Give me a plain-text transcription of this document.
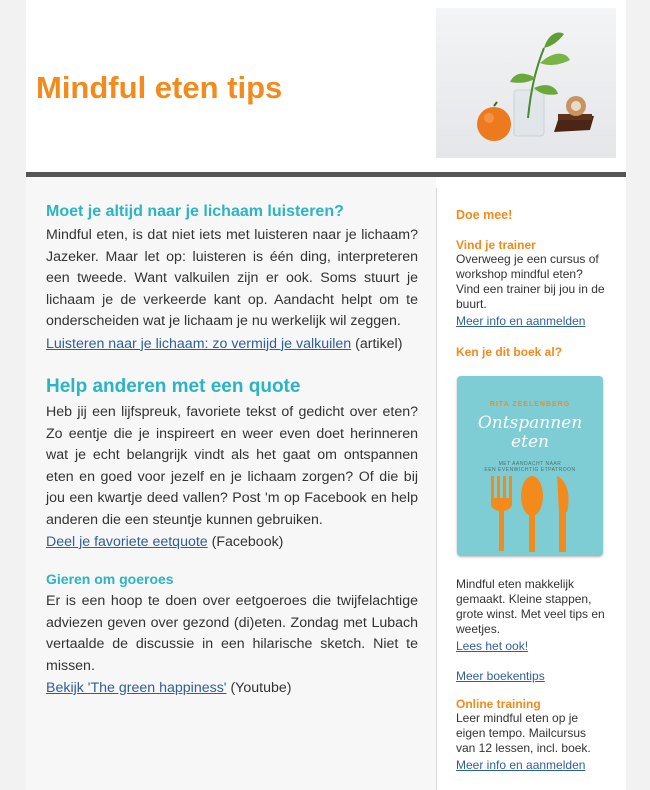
Mindful eten tips
Moet je altijd naar je lichaam luisteren?

Mindful eten, is dat niet iets met luisteren naar je lichaam? Jazeker. Maar let op: luisteren is één ding, interpreteren een tweede. Want valkuilen zijn er ook. Soms stuurt je lichaam je de verkeerde kant op. Aandacht helpt om te onderscheiden wat je lichaam je nu werkelijk wil zeggen.

Luisteren naar je lichaam: zo vermijd je valkuilen (artikel)

Help anderen met een quote

Heb jij een lijfspreuk, favoriete tekst of gedicht over eten? Zo eentje die je inspireert en weer even doet herinneren wat je echt belangrijk vindt als het gaat om ontspannen eten en goed voor jezelf en je lichaam zorgen? Of die bij jou een kwartje deed vallen? Post 'm op Facebook en help anderen die een steuntje kunnen gebruiken.

Deel je favoriete eetquote (Facebook)

Gieren om goeroes

Er is een hoop te doen over eetgoeroes die twijfelachtige adviezen geven over gezond (di)eten. Zondag met Lubach vertaalde de discussie in een hilarische sketch. Niet te missen.

Bekijk 'The green happiness' (Youtube)

Doe mee!

Vind je trainer

Overweeg je een cursus of workshop mindful eten? Vind een trainer bij jou in de buurt.

Meer info en aanmelden

Ken je dit boek al?

RITA ZEELENBERG
Ontspannen
eten
MET AANDACHT NAAR
EEN EVENWICHTIG ETPATROON

Mindful eten makkelijk gemaakt. Kleine stappen, grote winst. Met veel tips en weetjes.

Lees het ook!
Meer boekentips

Online training

Leer mindful eten op je eigen tempo. Mailcursus van 12 lessen, incl. boek.

Meer info en aanmelden
